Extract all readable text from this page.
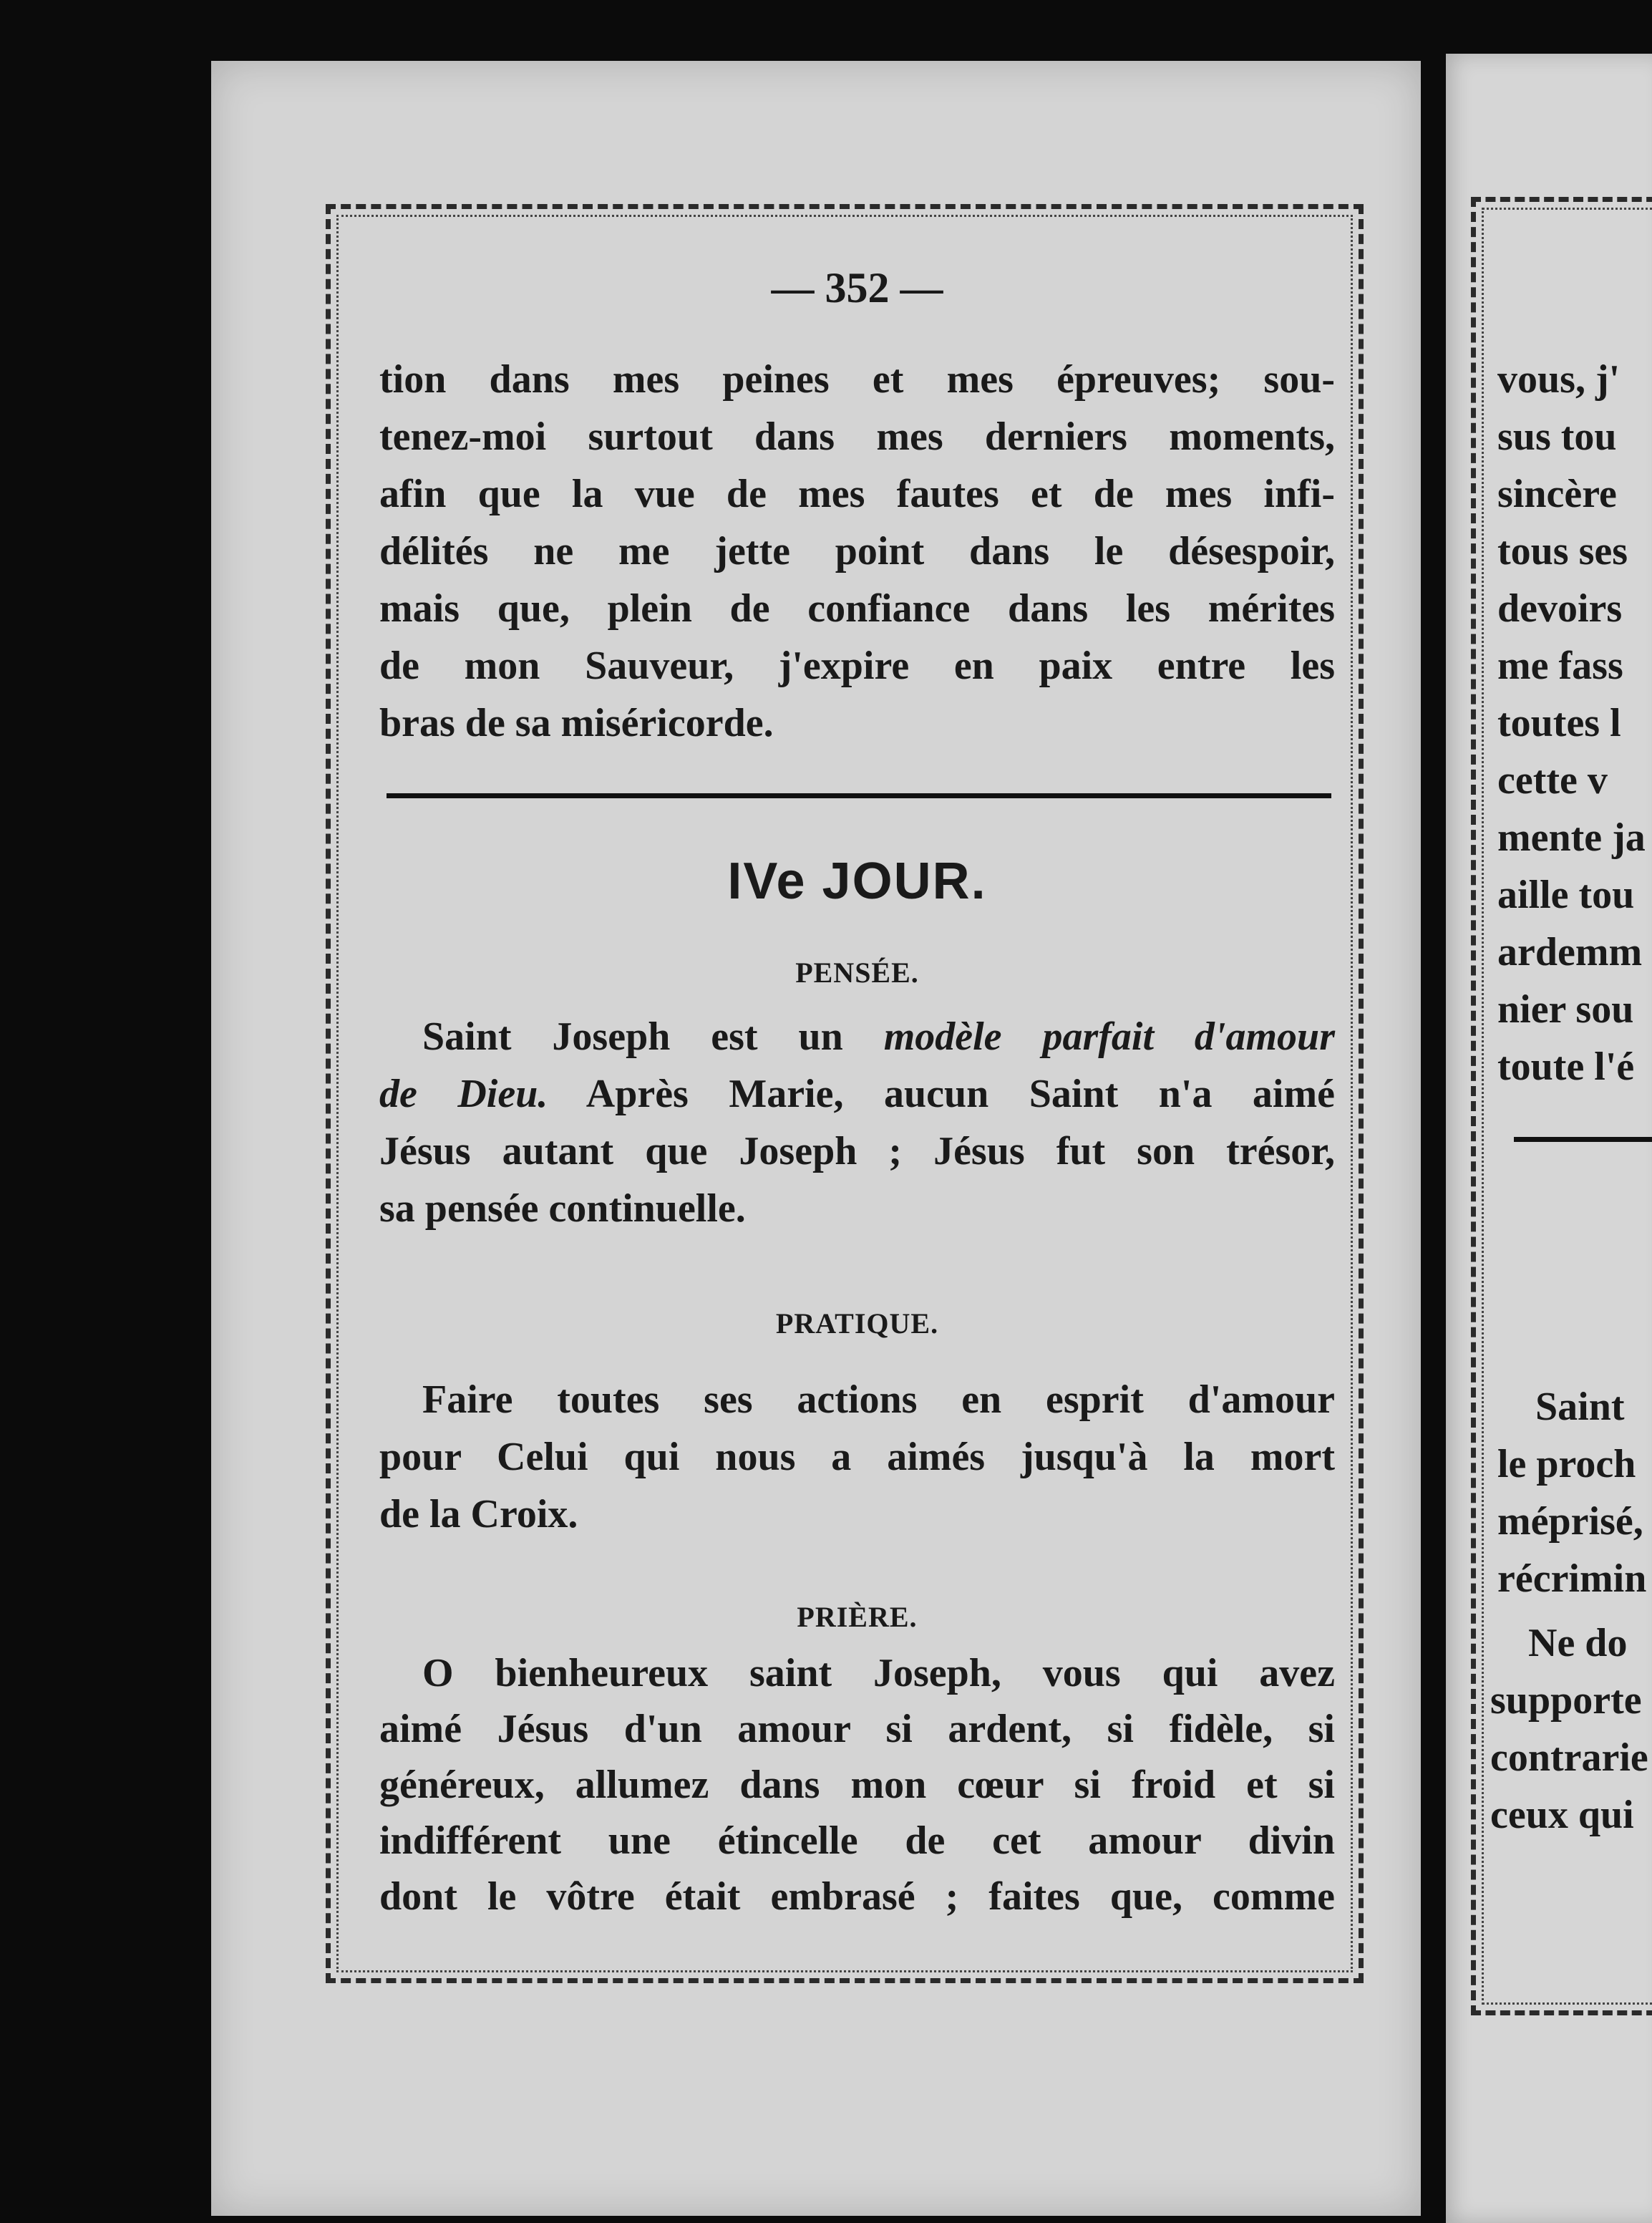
— 352 —
tion dans mes peines et mes épreuves; sou-
tenez-moi surtout dans mes derniers moments,
afin que la vue de mes fautes et de mes infi-
délités ne me jette point dans le désespoir,
mais que, plein de confiance dans les mérites
de mon Sauveur, j'expire en paix entre les
bras de sa miséricorde.
IVe JOUR.
PENSÉE.
Saint Joseph est un modèle parfait d'amour
de Dieu. Après Marie, aucun Saint n'a aimé
Jésus autant que Joseph ; Jésus fut son trésor,
sa pensée continuelle.
PRATIQUE.
Faire toutes ses actions en esprit d'amour
pour Celui qui nous a aimés jusqu'à la mort
de la Croix.
PRIÈRE.
O bienheureux saint Joseph, vous qui avez
aimé Jésus d'un amour si ardent, si fidèle, si
généreux, allumez dans mon cœur si froid et si
indifférent une étincelle de cet amour divin
dont le vôtre était embrasé ; faites que, comme
vous, j'
sus tou
sincère
tous ses
devoirs
me fass
toutes l
cette v
mente ja
aille tou
ardemm
nier sou
toute l'é
Saint
le proch
méprisé,
récrimin
Ne do
supporte
contrarie
ceux qui
